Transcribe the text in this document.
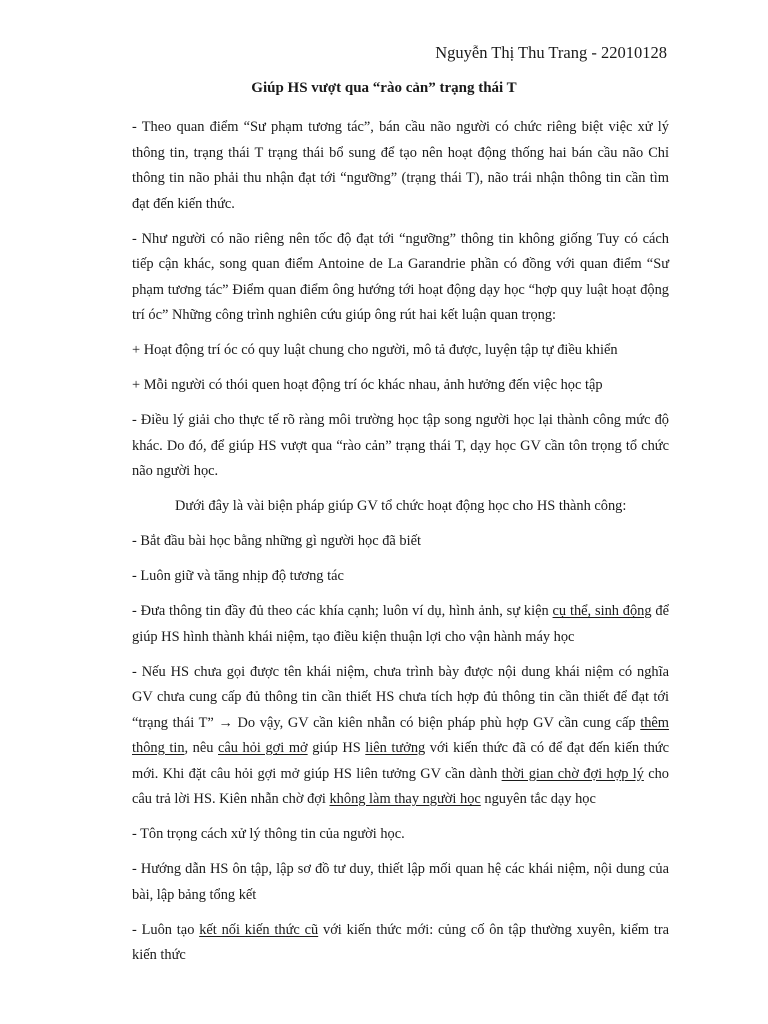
Nguyễn Thị Thu Trang - 22010128
Giúp HS vượt qua “rào cản” trạng thái T

- Theo quan điểm “Sư phạm tương tác”, bán cầu não người có chức riêng biệt việc xử lý thông tin, trạng thái T trạng thái bổ sung để tạo nên hoạt động thống hai bán cầu não Chỉ thông tin não phải thu nhận đạt tới “ngưỡng” (trạng thái T), não trái nhận thông tin cần tìm đạt đến kiến thức.

- Như người có não riêng nên tốc độ đạt tới “ngưỡng” thông tin không giống Tuy có cách tiếp cận khác, song quan điểm Antoine de La Garandrie phần có đồng với quan điểm “Sư phạm tương tác” Điểm quan điểm ông hướng tới hoạt động dạy học “hợp quy luật hoạt động trí óc” Những công trình nghiên cứu giúp ông rút hai kết luận quan trọng:

+ Hoạt động trí óc có quy luật chung cho người, mô tả được, luyện tập tự điều khiển

+ Mỗi người có thói quen hoạt động trí óc khác nhau, ảnh hưởng đến việc học tập

- Điều lý giải cho thực tế rõ ràng môi trường học tập song người học lại thành công mức độ khác. Do đó, để giúp HS vượt qua “rào cản” trạng thái T, dạy học GV cần tôn trọng tổ chức não người học.

Dưới đây là vài biện pháp giúp GV tổ chức hoạt động học cho HS thành công:

- Bắt đầu bài học bằng những gì người học đã biết

- Luôn giữ và tăng nhịp độ tương tác

- Đưa thông tin đầy đủ theo các khía cạnh; luôn ví dụ, hình ảnh, sự kiện cụ thể, sinh động để giúp HS hình thành khái niệm, tạo điều kiện thuận lợi cho vận hành máy học

- Nếu HS chưa gọi được tên khái niệm, chưa trình bày được nội dung khái niệm có nghĩa GV chưa cung cấp đủ thông tin cần thiết HS chưa tích hợp đủ thông tin cần thiết để đạt tới “trạng thái T” → Do vậy, GV cần kiên nhẫn có biện pháp phù hợp GV cần cung cấp thêm thông tin, nêu câu hỏi gợi mở giúp HS liên tưởng với kiến thức đã có để đạt đến kiến thức mới. Khi đặt câu hỏi gợi mở giúp HS liên tưởng GV cần dành thời gian chờ đợi hợp lý cho câu trả lời HS. Kiên nhẫn chờ đợi không làm thay người học nguyên tắc dạy học

- Tôn trọng cách xử lý thông tin của người học.

- Hướng dẫn HS ôn tập, lập sơ đồ tư duy, thiết lập mối quan hệ các khái niệm, nội dung của bài, lập bảng tổng kết

- Luôn tạo kết nối kiến thức cũ với kiến thức mới: củng cố ôn tập thường xuyên, kiểm tra kiến thức
